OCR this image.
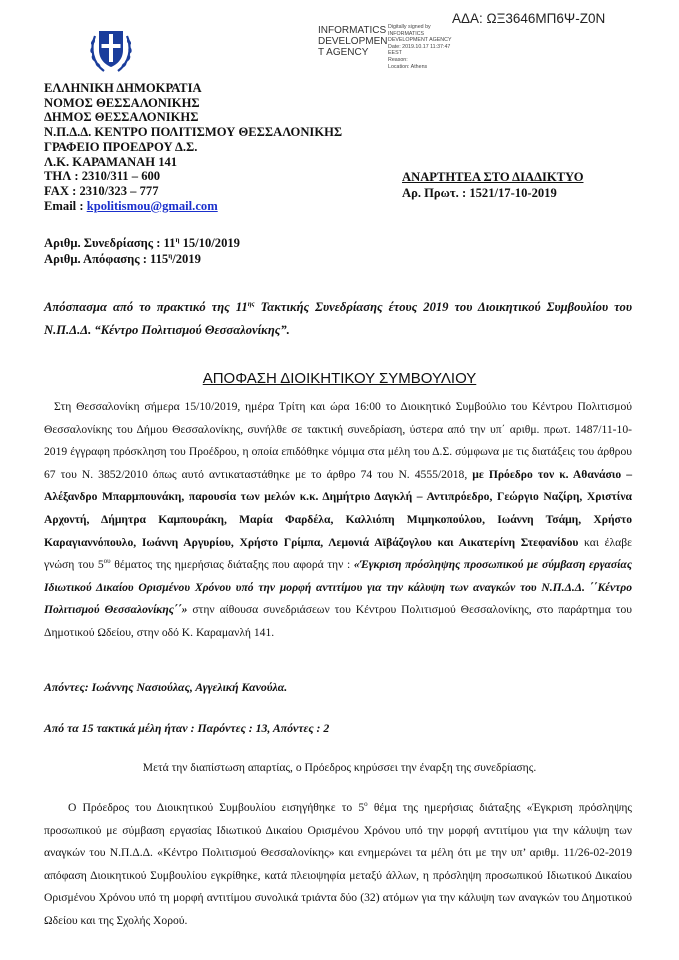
ΑΔΑ: ΩΞ3646ΜΠ6Ψ-Ζ0Ν
INFORMATICS
DEVELOPMEN
T AGENCY
Digitally signed by
INFORMATICS
DEVELOPMENT AGENCY
Date: 2019.10.17 11:37:47
EEST
Reason:
Location: Athens
ΕΛΛΗΝΙΚΗ ΔΗΜΟΚΡΑΤΙΑ
ΝΟΜΟΣ ΘΕΣΣΑΛΟΝΙΚΗΣ
ΔΗΜΟΣ ΘΕΣΣΑΛΟΝΙΚΗΣ
Ν.Π.Δ.Δ. ΚΕΝΤΡΟ ΠΟΛΙΤΙΣΜΟΥ ΘΕΣΣΑΛΟΝΙΚΗΣ
ΓΡΑΦΕΙΟ ΠΡΟΕΔΡΟΥ Δ.Σ.
Λ.Κ. ΚΑΡΑΜΑΝΑΗ 141
ΤΗΛ : 2310/311 – 600
FAX : 2310/323 – 777
Email : kpolitismou@gmail.com
ΑΝΑΡΤΗΤΕΑ ΣΤΟ ΔΙΑΔΙΚΤΥΟ
Αρ. Πρωτ. : 1521/17-10-2019
Αριθμ. Συνεδρίασης : $11^\eta$ 15/10/2019
Αριθμ. Απόφασης : $115^\eta/2019$
Απόσπασμα από το πρακτικό της $11^{\eta\varsigma}$ Τακτικής Συνεδρίασης έτους 2019 του Διοικητικού Συμβουλίου του Ν.Π.Δ.Δ. “Κέντρο Πολιτισμού Θεσσαλονίκης”.
ΑΠΟΦΑΣΗ ΔΙΟΙΚΗΤΙΚΟΥ ΣΥΜΒΟΥΛΙΟΥ
Στη Θεσσαλονίκη σήμερα 15/10/2019, ημέρα Τρίτη και ώρα 16:00 το Διοικητικό Συμβούλιο του Κέντρου Πολιτισμού Θεσσαλονίκης του Δήμου Θεσσαλονίκης, συνήλθε σε τακτική συνεδρίαση, ύστερα από την υπ΄ αριθμ. πρωτ. 1487/11-10-2019 έγγραφη πρόσκληση του Προέδρου, η οποία επιδόθηκε νόμιμα στα μέλη του Δ.Σ. σύμφωνα με τις διατάξεις του άρθρου 67 του Ν. 3852/2010 όπως αυτό αντικαταστάθηκε με το άρθρο 74 του Ν. 4555/2018, με Πρόεδρο τον κ. Αθανάσιο – Αλέξανδρο Μπαρμπουνάκη, παρουσία των μελών κ.κ. Δημήτριο Δαγκλή – Αντιπρόεδρο, Γεώργιο Ναζίρη, Χριστίνα Αρχοντή, Δήμητρα Καμπουράκη, Μαρία Φαρδέλα, Καλλιόπη Μιμηκοπούλου, Ιωάννη Τσάμη, Χρήστο Καραγιαννόπουλο, Ιωάννη Αργυρίου, Χρήστο Γρίμπα, Λεμονιά Αϊβάζογλου και Αικατερίνη Στεφανίδου και έλαβε γνώση του $5^{o\upsilon}$ θέματος της ημερήσιας διάταξης που αφορά την : «Έγκριση πρόσληψης προσωπικού με σύμβαση εργασίας Ιδιωτικού Δικαίου Ορισμένου Χρόνου υπό την μορφή αντιτίμου για την κάλυψη των αναγκών του Ν.Π.Δ.Δ. ΄΄Κέντρο Πολιτισμού Θεσσαλονίκης΄΄» στην αίθουσα συνεδριάσεων του Κέντρου Πολιτισμού Θεσσαλονίκης, στο παράρτημα του Δημοτικού Ωδείου, στην οδό Κ. Καραμανλή 141.
Απόντες: Ιωάννης Νασιούλας, Αγγελική Κανούλα.
Από τα 15 τακτικά μέλη ήταν : Παρόντες : 13, Απόντες : 2
Μετά την διαπίστωση απαρτίας, ο Πρόεδρος κηρύσσει την έναρξη της συνεδρίασης.
Ο Πρόεδρος του Διοικητικού Συμβουλίου εισηγήθηκε το $5^o$ θέμα της ημερήσιας διάταξης «Έγκριση πρόσληψης προσωπικού με σύμβαση εργασίας Ιδιωτικού Δικαίου Ορισμένου Χρόνου υπό την μορφή αντιτίμου για την κάλυψη των αναγκών του Ν.Π.Δ.Δ. «Κέντρο Πολιτισμού Θεσσαλονίκης» και ενημερώνει τα μέλη ότι με την υπ’ αριθμ. 11/26-02-2019 απόφαση Διοικητικού Συμβουλίου εγκρίθηκε, κατά πλειοψηφία μεταξύ άλλων, η πρόσληψη προσωπικού Ιδιωτικού Δικαίου Ορισμένου Χρόνου υπό τη μορφή αντιτίμου συνολικά τριάντα δύο (32) ατόμων για την κάλυψη των αναγκών του Δημοτικού Ωδείου και της Σχολής Χορού.
